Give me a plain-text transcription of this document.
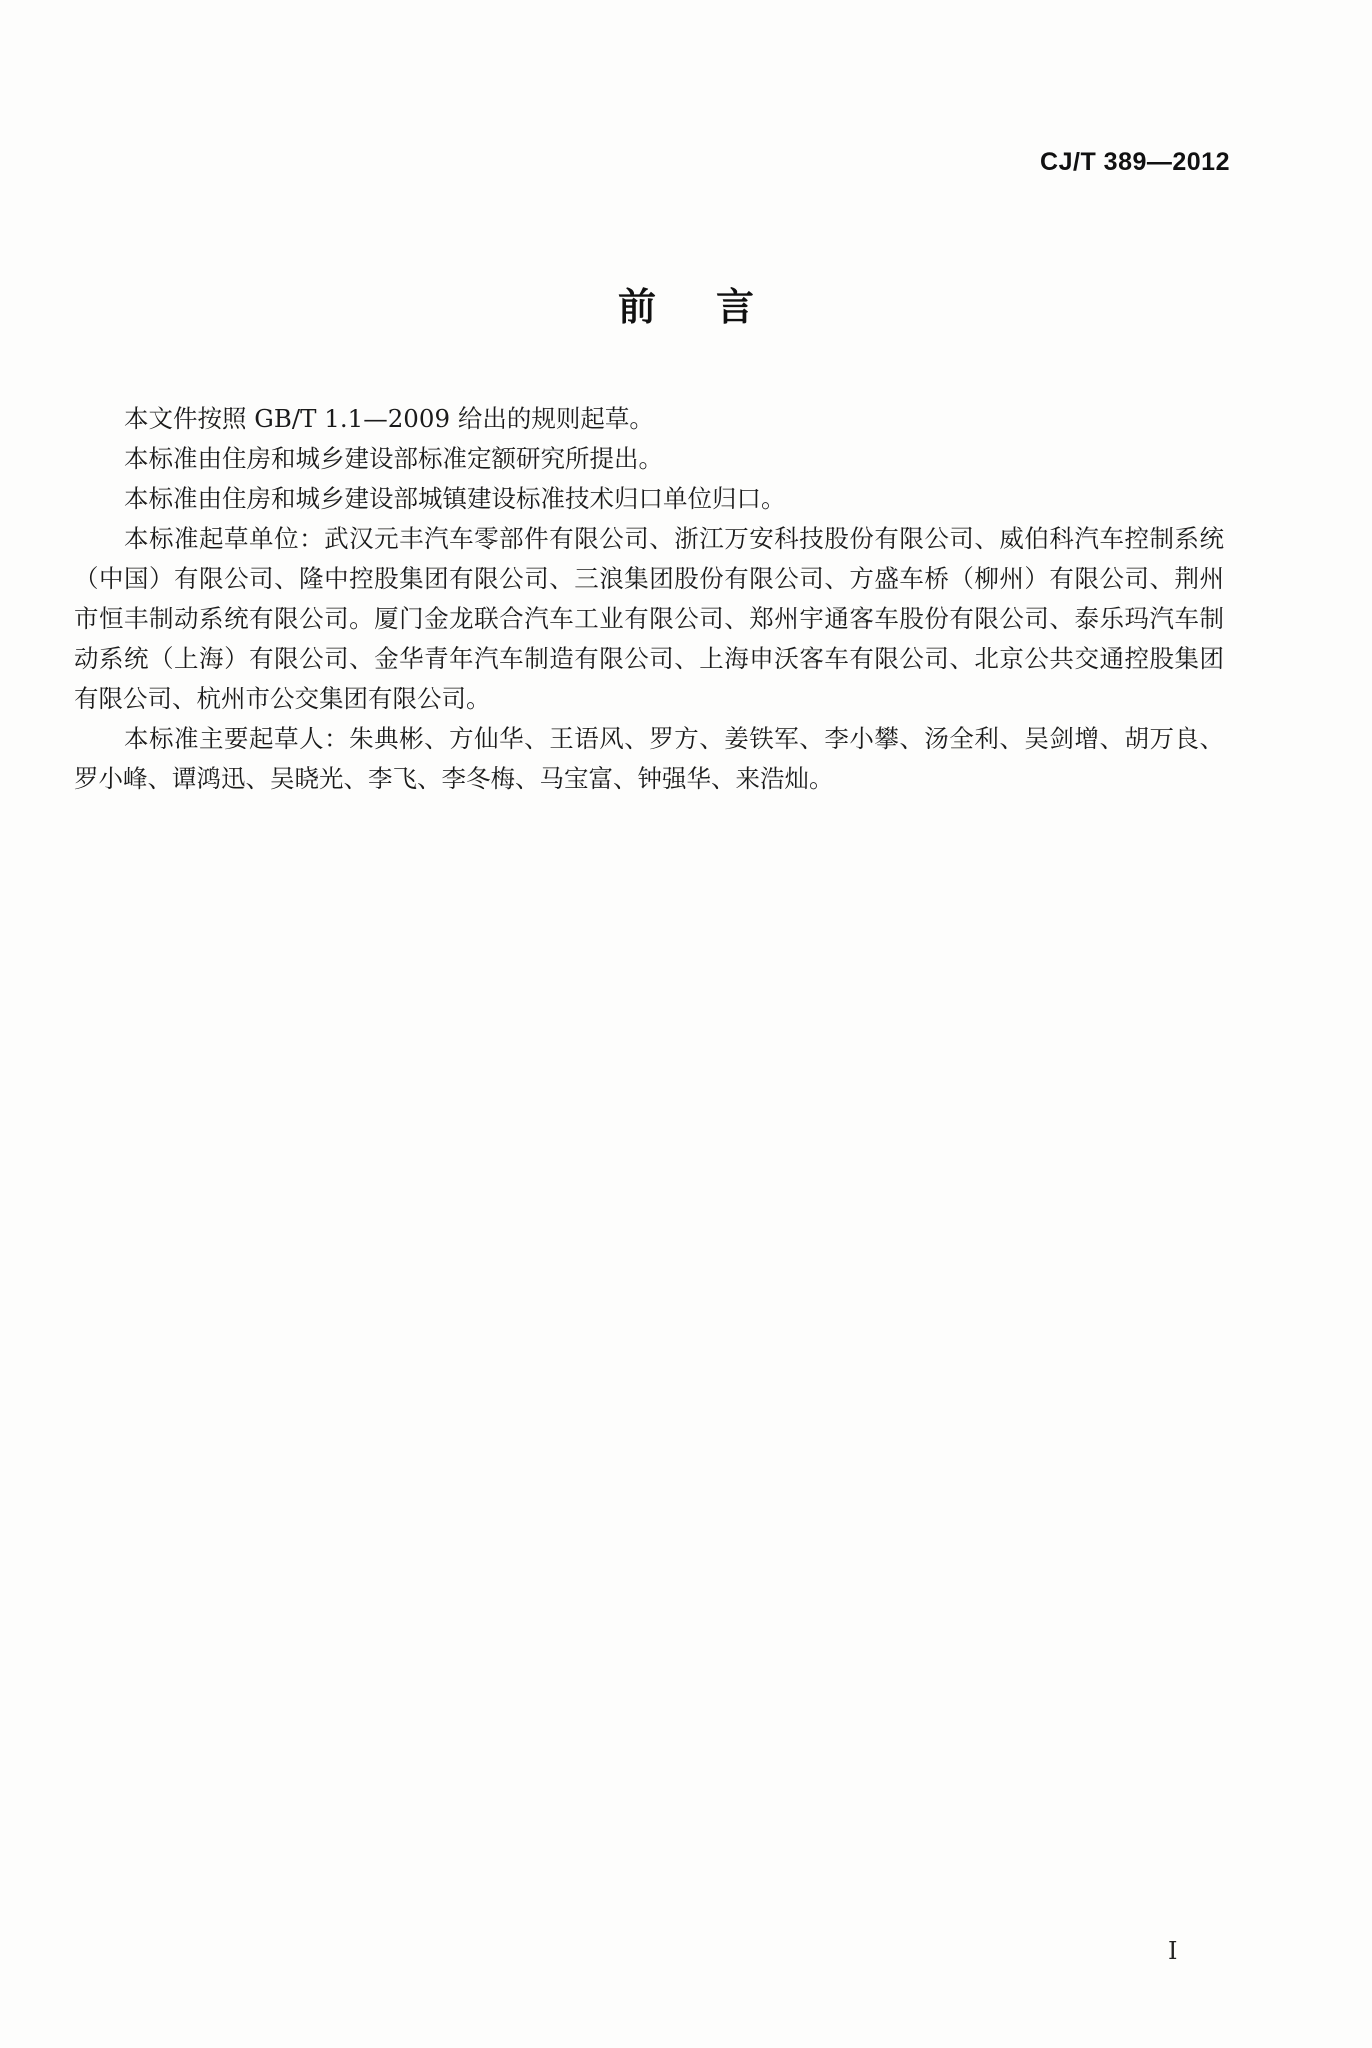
CJ/T 389—2012
前言

本文件按照 GB/T 1.1—2009 给出的规则起草。

本标准由住房和城乡建设部标准定额研究所提出。

本标准由住房和城乡建设部城镇建设标准技术归口单位归口。

本标准起草单位：武汉元丰汽车零部件有限公司、浙江万安科技股份有限公司、威伯科汽车控制系统（中国）有限公司、隆中控股集团有限公司、三浪集团股份有限公司、方盛车桥（柳州）有限公司、荆州市恒丰制动系统有限公司。厦门金龙联合汽车工业有限公司、郑州宇通客车股份有限公司、泰乐玛汽车制动系统（上海）有限公司、金华青年汽车制造有限公司、上海申沃客车有限公司、北京公共交通控股集团有限公司、杭州市公交集团有限公司。

本标准主要起草人：朱典彬、方仙华、王语风、罗方、姜铁军、李小攀、汤全利、吴剑增、胡万良、罗小峰、谭鸿迅、吴晓光、李飞、李冬梅、马宝富、钟强华、来浩灿。

I
